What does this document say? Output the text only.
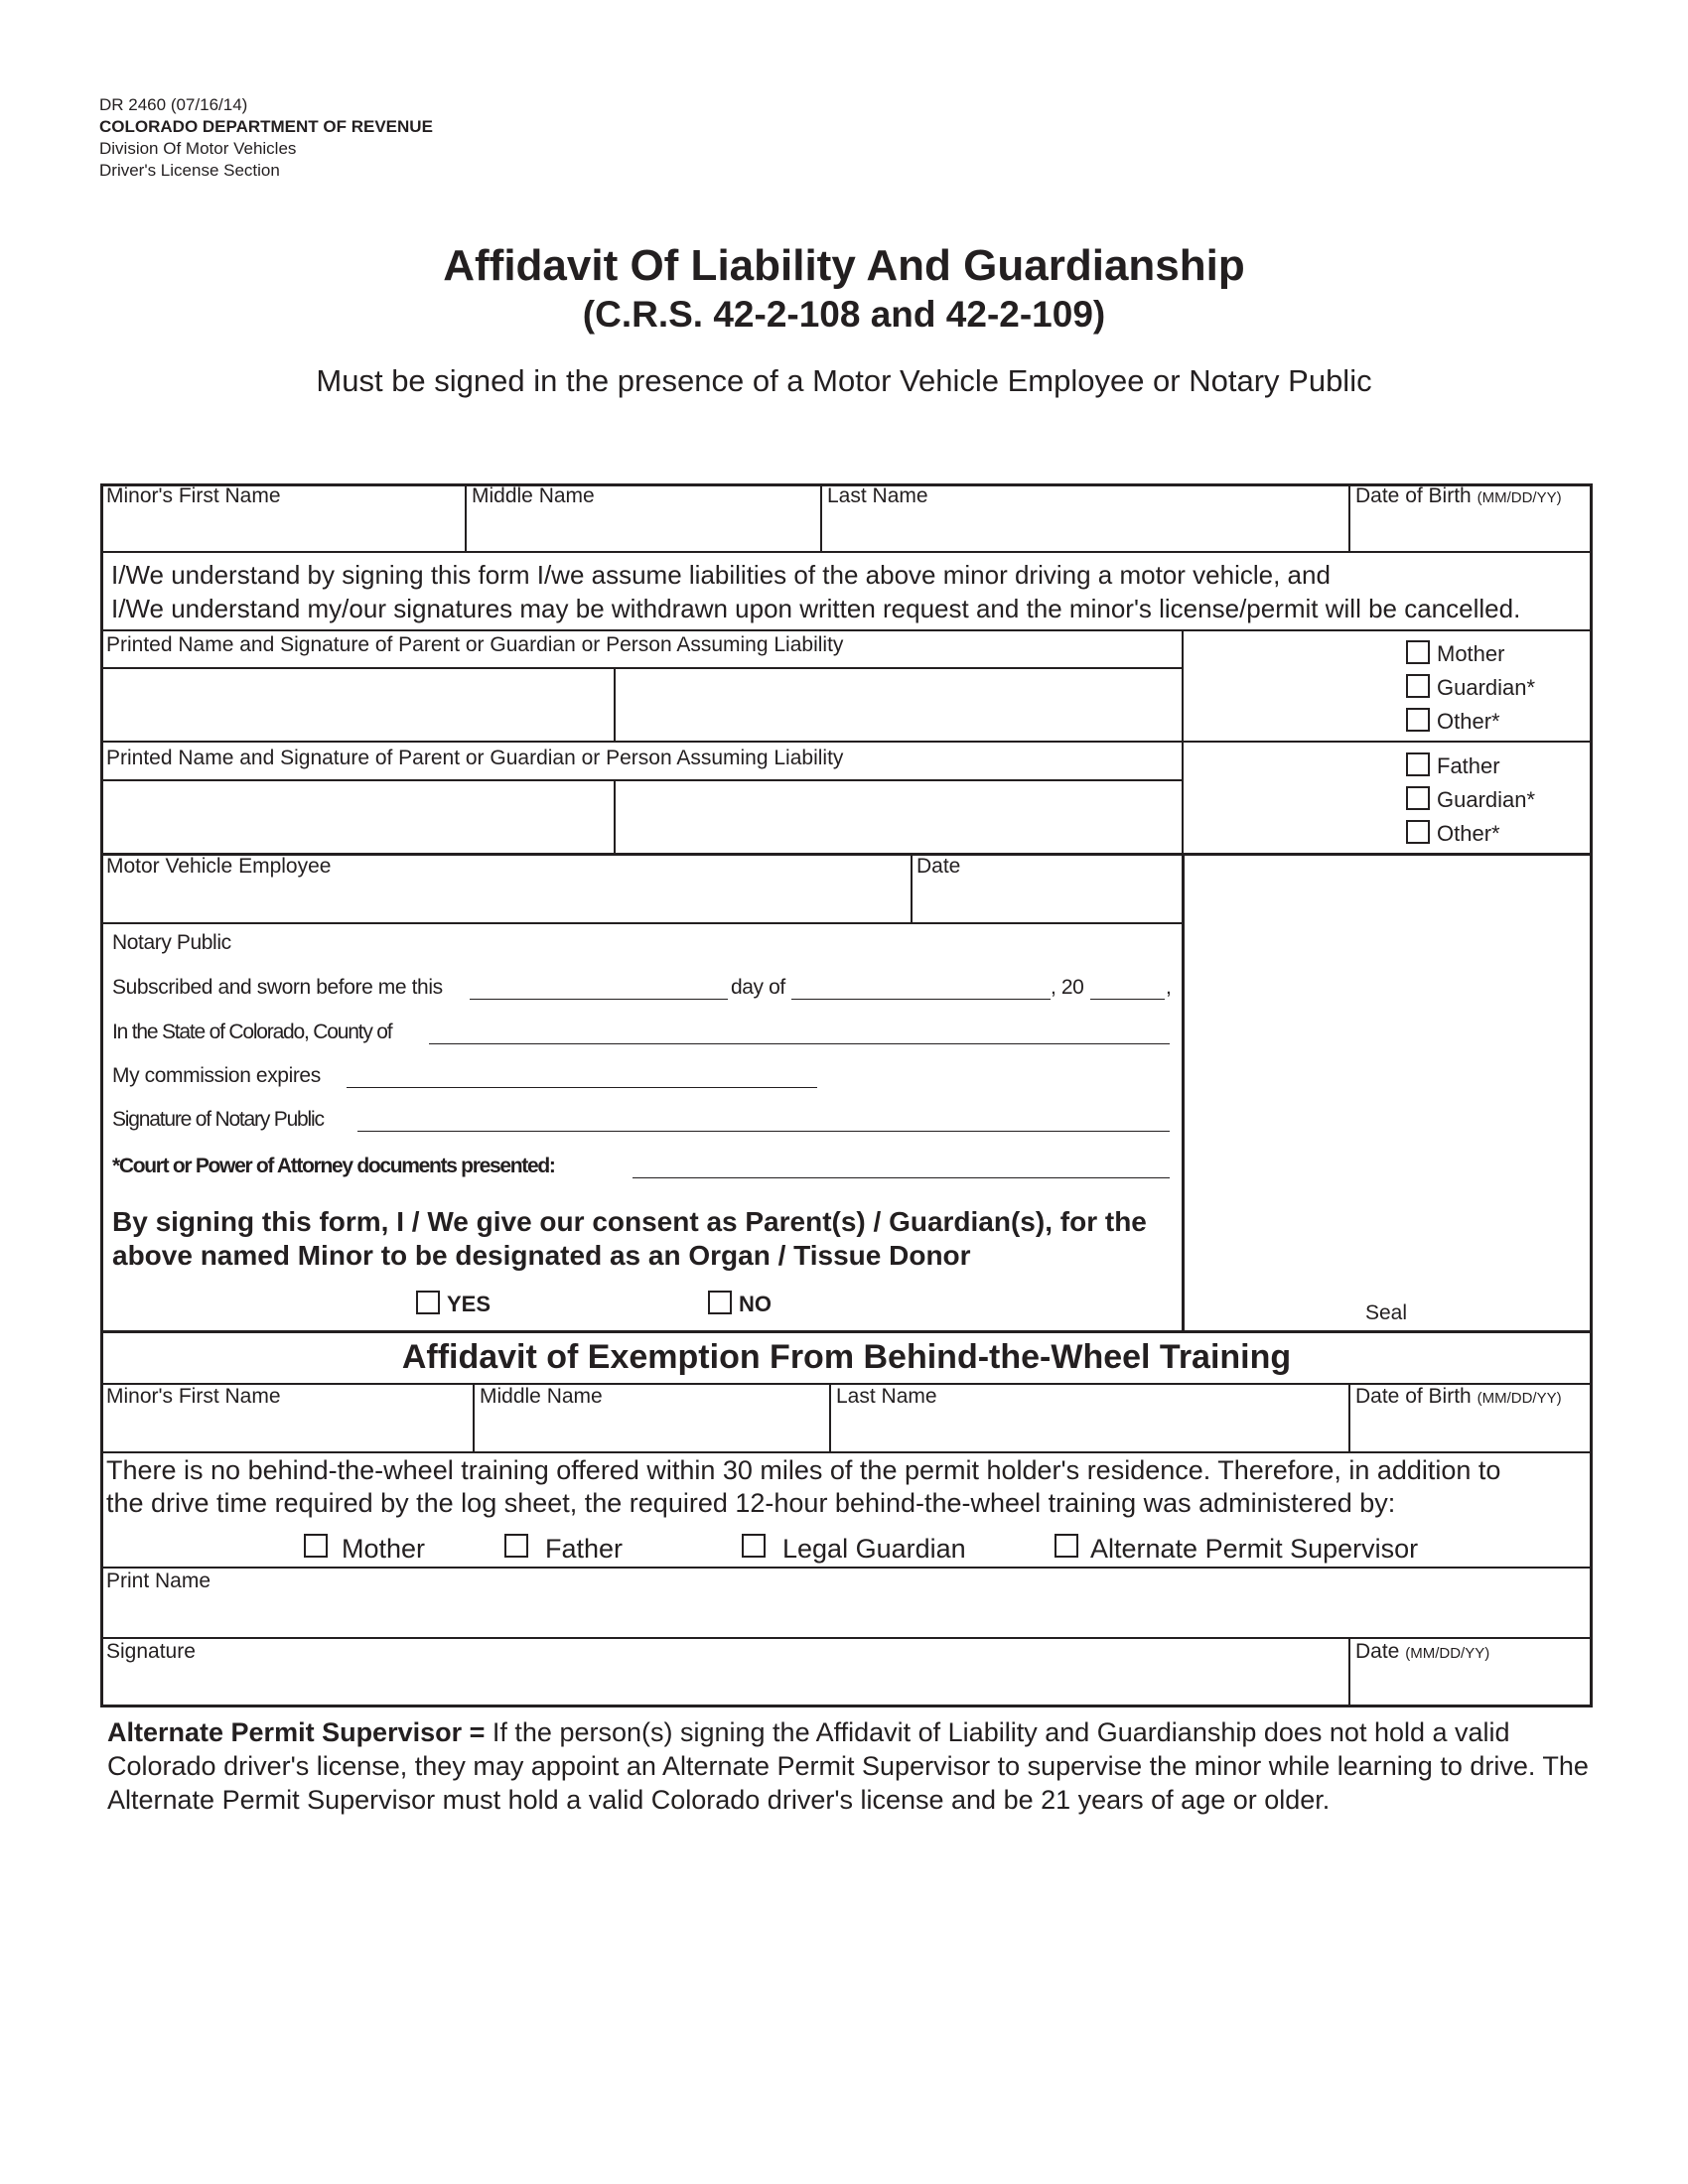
DR 2460 (07/16/14)
COLORADO DEPARTMENT OF REVENUE
Division Of Motor Vehicles
Driver's License Section
Affidavit Of Liability And Guardianship
(C.R.S. 42-2-108 and 42-2-109)
Must be signed in the presence of a Motor Vehicle Employee or Notary Public
Minor's First Name	Middle Name	Last Name	Date of Birth (MM/DD/YY)
I/We understand by signing this form I/we assume liabilities of the above minor driving a motor vehicle, and
I/We understand my/our signatures may be withdrawn upon written request and the minor's license/permit will be cancelled.
Printed Name and Signature of Parent or Guardian or Person Assuming Liability	Mother
Guardian*
Other*
Printed Name and Signature of Parent or Guardian or Person Assuming Liability	Father
Guardian*
Other*
Motor Vehicle Employee	Date
Notary Public
Subscribed and sworn before me this	day of	, 20	,
In the State of Colorado, County of
My commission expires
Signature of Notary Public
*Court or Power of Attorney documents presented:
By signing this form, I / We give our consent as Parent(s) / Guardian(s), for the above named Minor to be designated as an Organ / Tissue Donor
YES	NO	Seal
Affidavit of Exemption From Behind-the-Wheel Training
Minor's First Name	Middle Name	Last Name	Date of Birth (MM/DD/YY)
There is no behind-the-wheel training offered within 30 miles of the permit holder's residence. Therefore, in addition to
the drive time required by the log sheet, the required 12-hour behind-the-wheel training was administered by:
Mother	Father	Legal Guardian	Alternate Permit Supervisor
Print Name
Signature	Date (MM/DD/YY)
Alternate Permit Supervisor = If the person(s) signing the Affidavit of Liability and Guardianship does not hold a valid Colorado driver's license, they may appoint an Alternate Permit Supervisor to supervise the minor while learning to drive. The Alternate Permit Supervisor must hold a valid Colorado driver's license and be 21 years of age or older.
